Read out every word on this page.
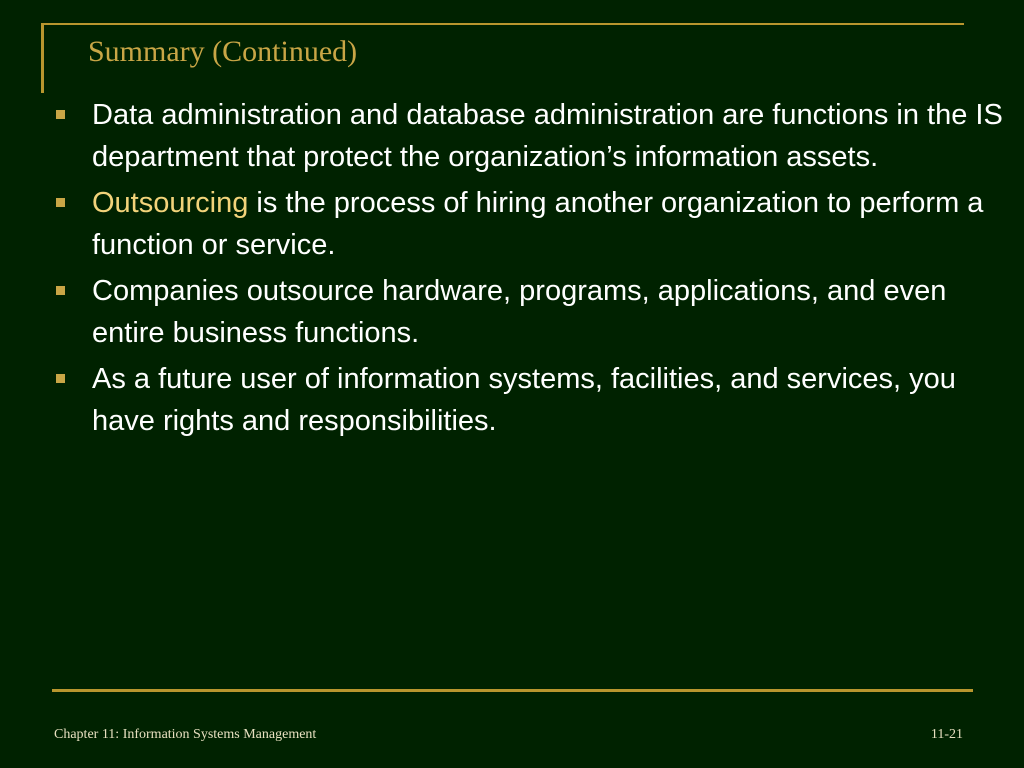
Summary (Continued)
Data administration and database administration are functions in the IS department that protect the organization’s information assets.
Outsourcing is the process of hiring another organization to perform a function or service.
Companies outsource hardware, programs, applications, and even entire business functions.
As a future user of information systems, facilities, and services, you have rights and responsibilities.
Chapter 11: Information Systems Management	11-21
